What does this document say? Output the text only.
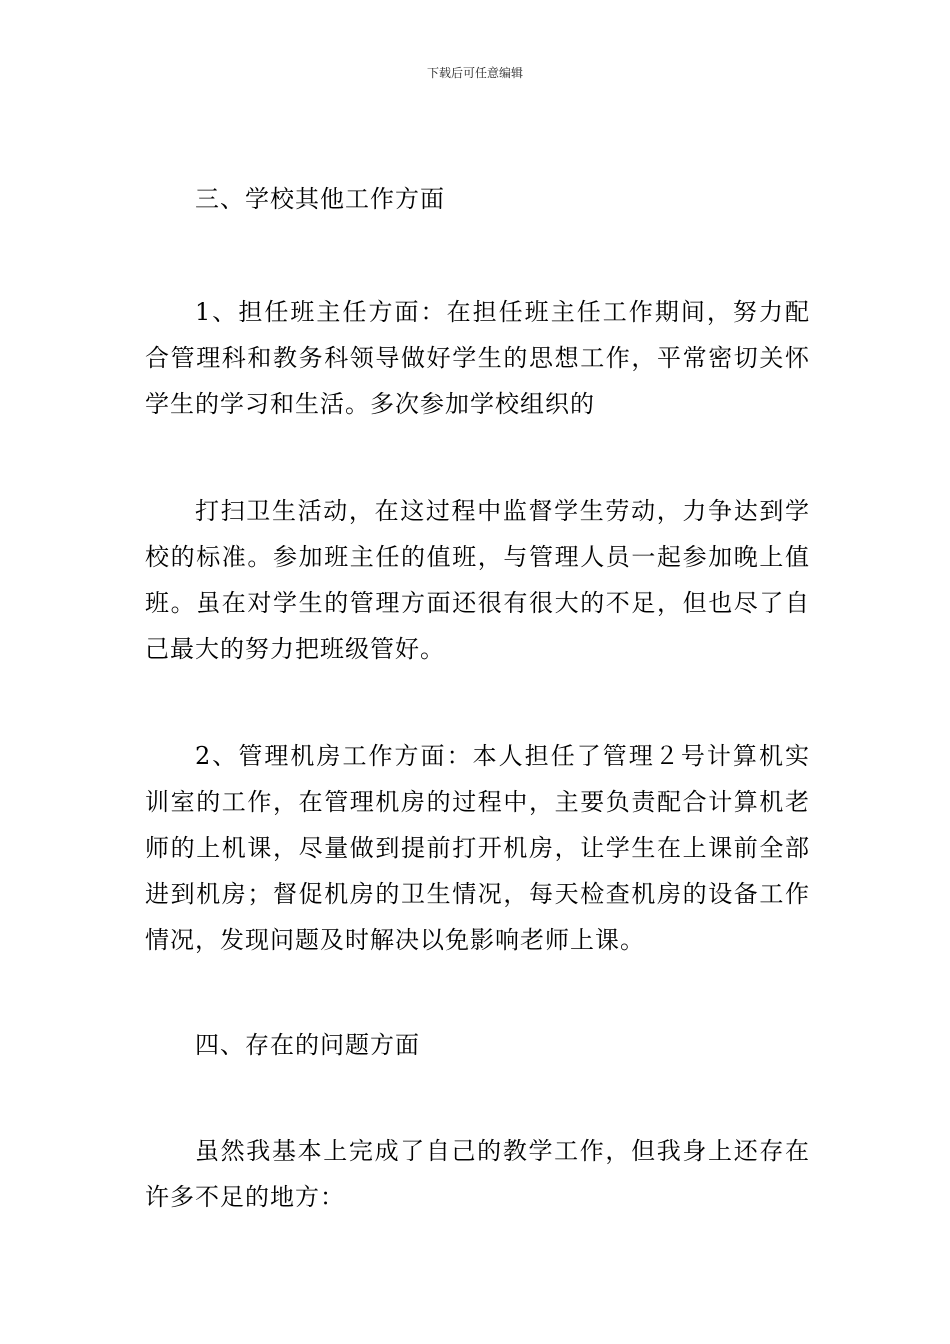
下载后可任意编辑

三、学校其他工作方面

1、担任班主任方面：在担任班主任工作期间，努力配合管理科和教务科领导做好学生的思想工作，平常密切关怀学生的学习和生活。多次参加学校组织的

打扫卫生活动，在这过程中监督学生劳动，力争达到学校的标准。参加班主任的值班，与管理人员一起参加晚上值班。虽在对学生的管理方面还很有很大的不足，但也尽了自己最大的努力把班级管好。

2、管理机房工作方面：本人担任了管理２号计算机实训室的工作，在管理机房的过程中，主要负责配合计算机老师的上机课，尽量做到提前打开机房，让学生在上课前全部进到机房；督促机房的卫生情况，每天检查机房的设备工作情况，发现问题及时解决以免影响老师上课。

四、存在的问题方面

虽然我基本上完成了自己的教学工作，但我身上还存在许多不足的地方：
